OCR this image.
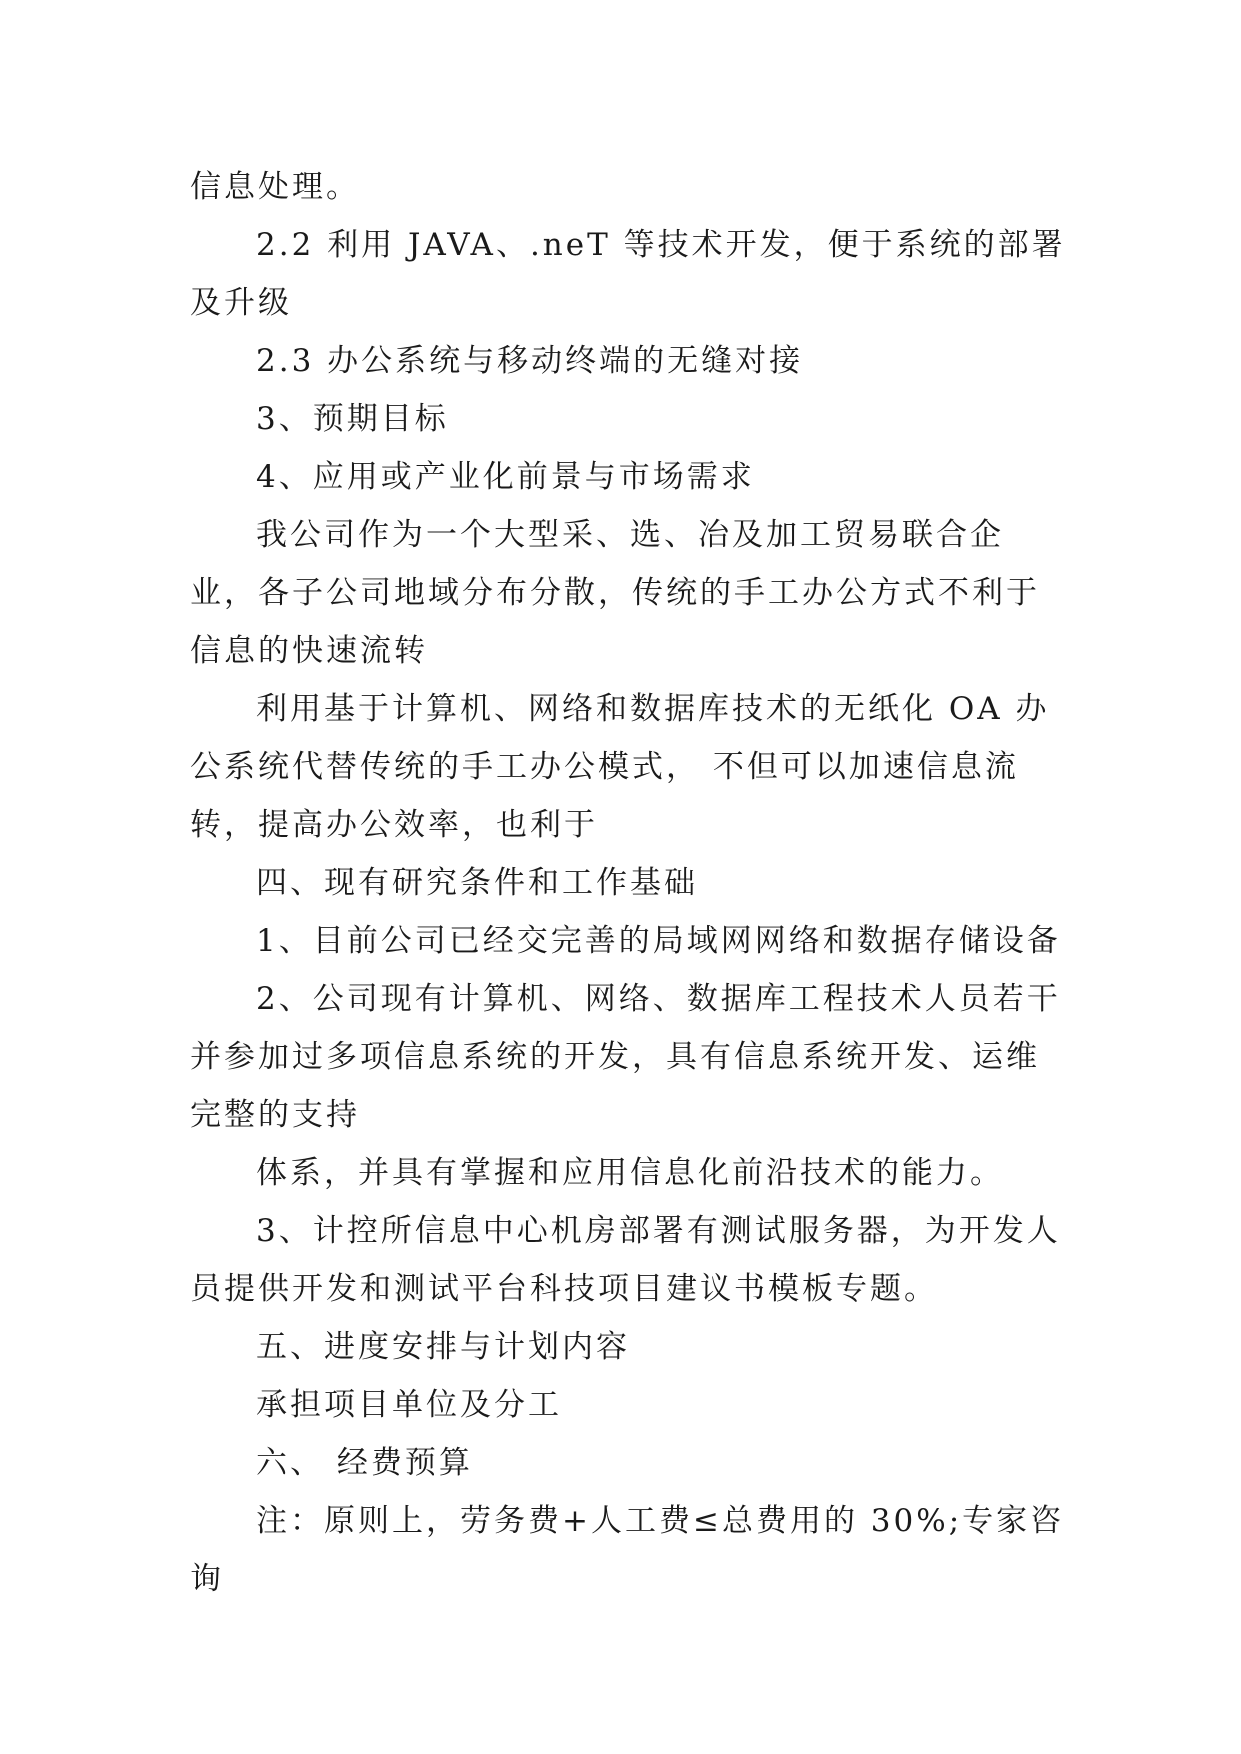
信息处理。

2.2 利用 JAVA、.neT 等技术开发，便于系统的部署及升级

2.3 办公系统与移动终端的无缝对接

3、预期目标

4、应用或产业化前景与市场需求

我公司作为一个大型采、选、冶及加工贸易联合企业，各子公司地域分布分散，传统的手工办公方式不利于信息的快速流转

利用基于计算机、网络和数据库技术的无纸化 OA 办公系统代替传统的手工办公模式， 不但可以加速信息流转，提高办公效率，也利于

四、现有研究条件和工作基础

1、目前公司已经交完善的局域网网络和数据存储设备

2、公司现有计算机、网络、数据库工程技术人员若干并参加过多项信息系统的开发，具有信息系统开发、运维完整的支持

体系，并具有掌握和应用信息化前沿技术的能力。

3、计控所信息中心机房部署有测试服务器，为开发人员提供开发和测试平台科技项目建议书模板专题。

五、进度安排与计划内容

承担项目单位及分工

六、 经费预算

注：原则上，劳务费+人工费≤总费用的 30%;专家咨询
